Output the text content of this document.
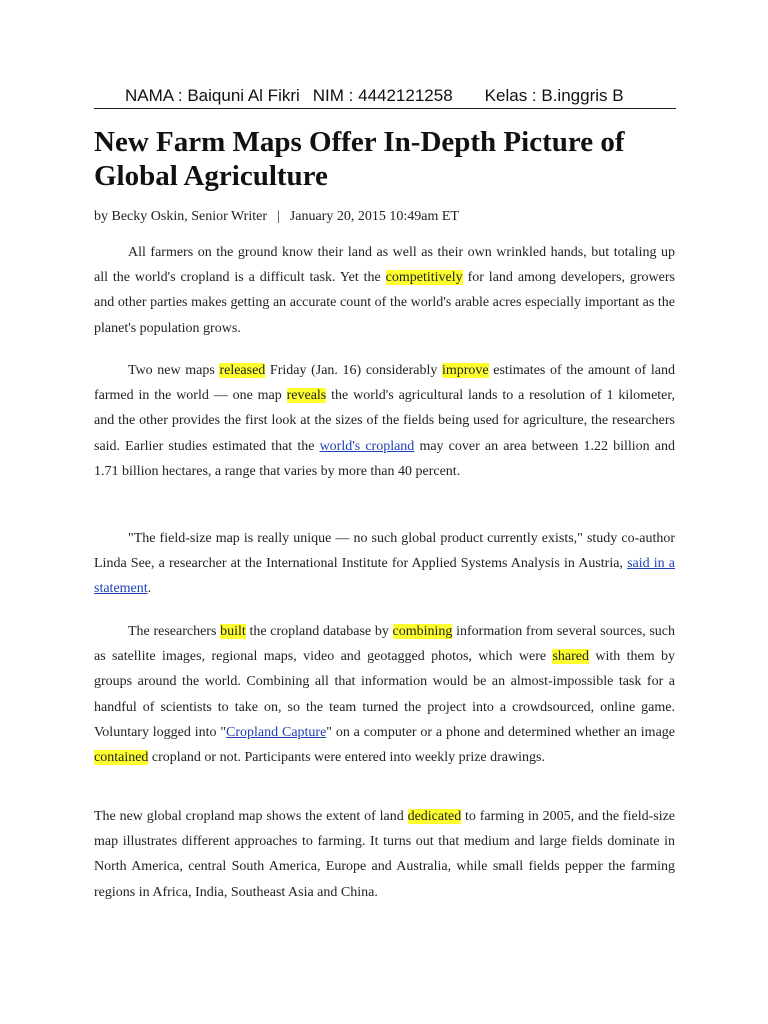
NAMA : Baiquni Al Fikri NIM : 4442121258 Kelas : B.inggris B
New Farm Maps Offer In-Depth Picture of Global Agriculture
by Becky Oskin, Senior Writer | January 20, 2015 10:49am ET

All farmers on the ground know their land as well as their own wrinkled hands, but totaling up all the world's cropland is a difficult task. Yet the competitively for land among developers, growers and other parties makes getting an accurate count of the world's arable acres especially important as the planet's population grows.

Two new maps released Friday (Jan. 16) considerably improve estimates of the amount of land farmed in the world — one map reveals the world's agricultural lands to a resolution of 1 kilometer, and the other provides the first look at the sizes of the fields being used for agriculture, the researchers said. Earlier studies estimated that the world's cropland may cover an area between 1.22 billion and 1.71 billion hectares, a range that varies by more than 40 percent.

"The field-size map is really unique — no such global product currently exists," study co-author Linda See, a researcher at the International Institute for Applied Systems Analysis in Austria, said in a statement.

The researchers built the cropland database by combining information from several sources, such as satellite images, regional maps, video and geotagged photos, which were shared with them by groups around the world. Combining all that information would be an almost-impossible task for a handful of scientists to take on, so the team turned the project into a crowdsourced, online game. Voluntary logged into "Cropland Capture" on a computer or a phone and determined whether an image contained cropland or not. Participants were entered into weekly prize drawings.

The new global cropland map shows the extent of land dedicated to farming in 2005, and the field-size map illustrates different approaches to farming. It turns out that medium and large fields dominate in North America, central South America, Europe and Australia, while small fields pepper the farming regions in Africa, India, Southeast Asia and China.
